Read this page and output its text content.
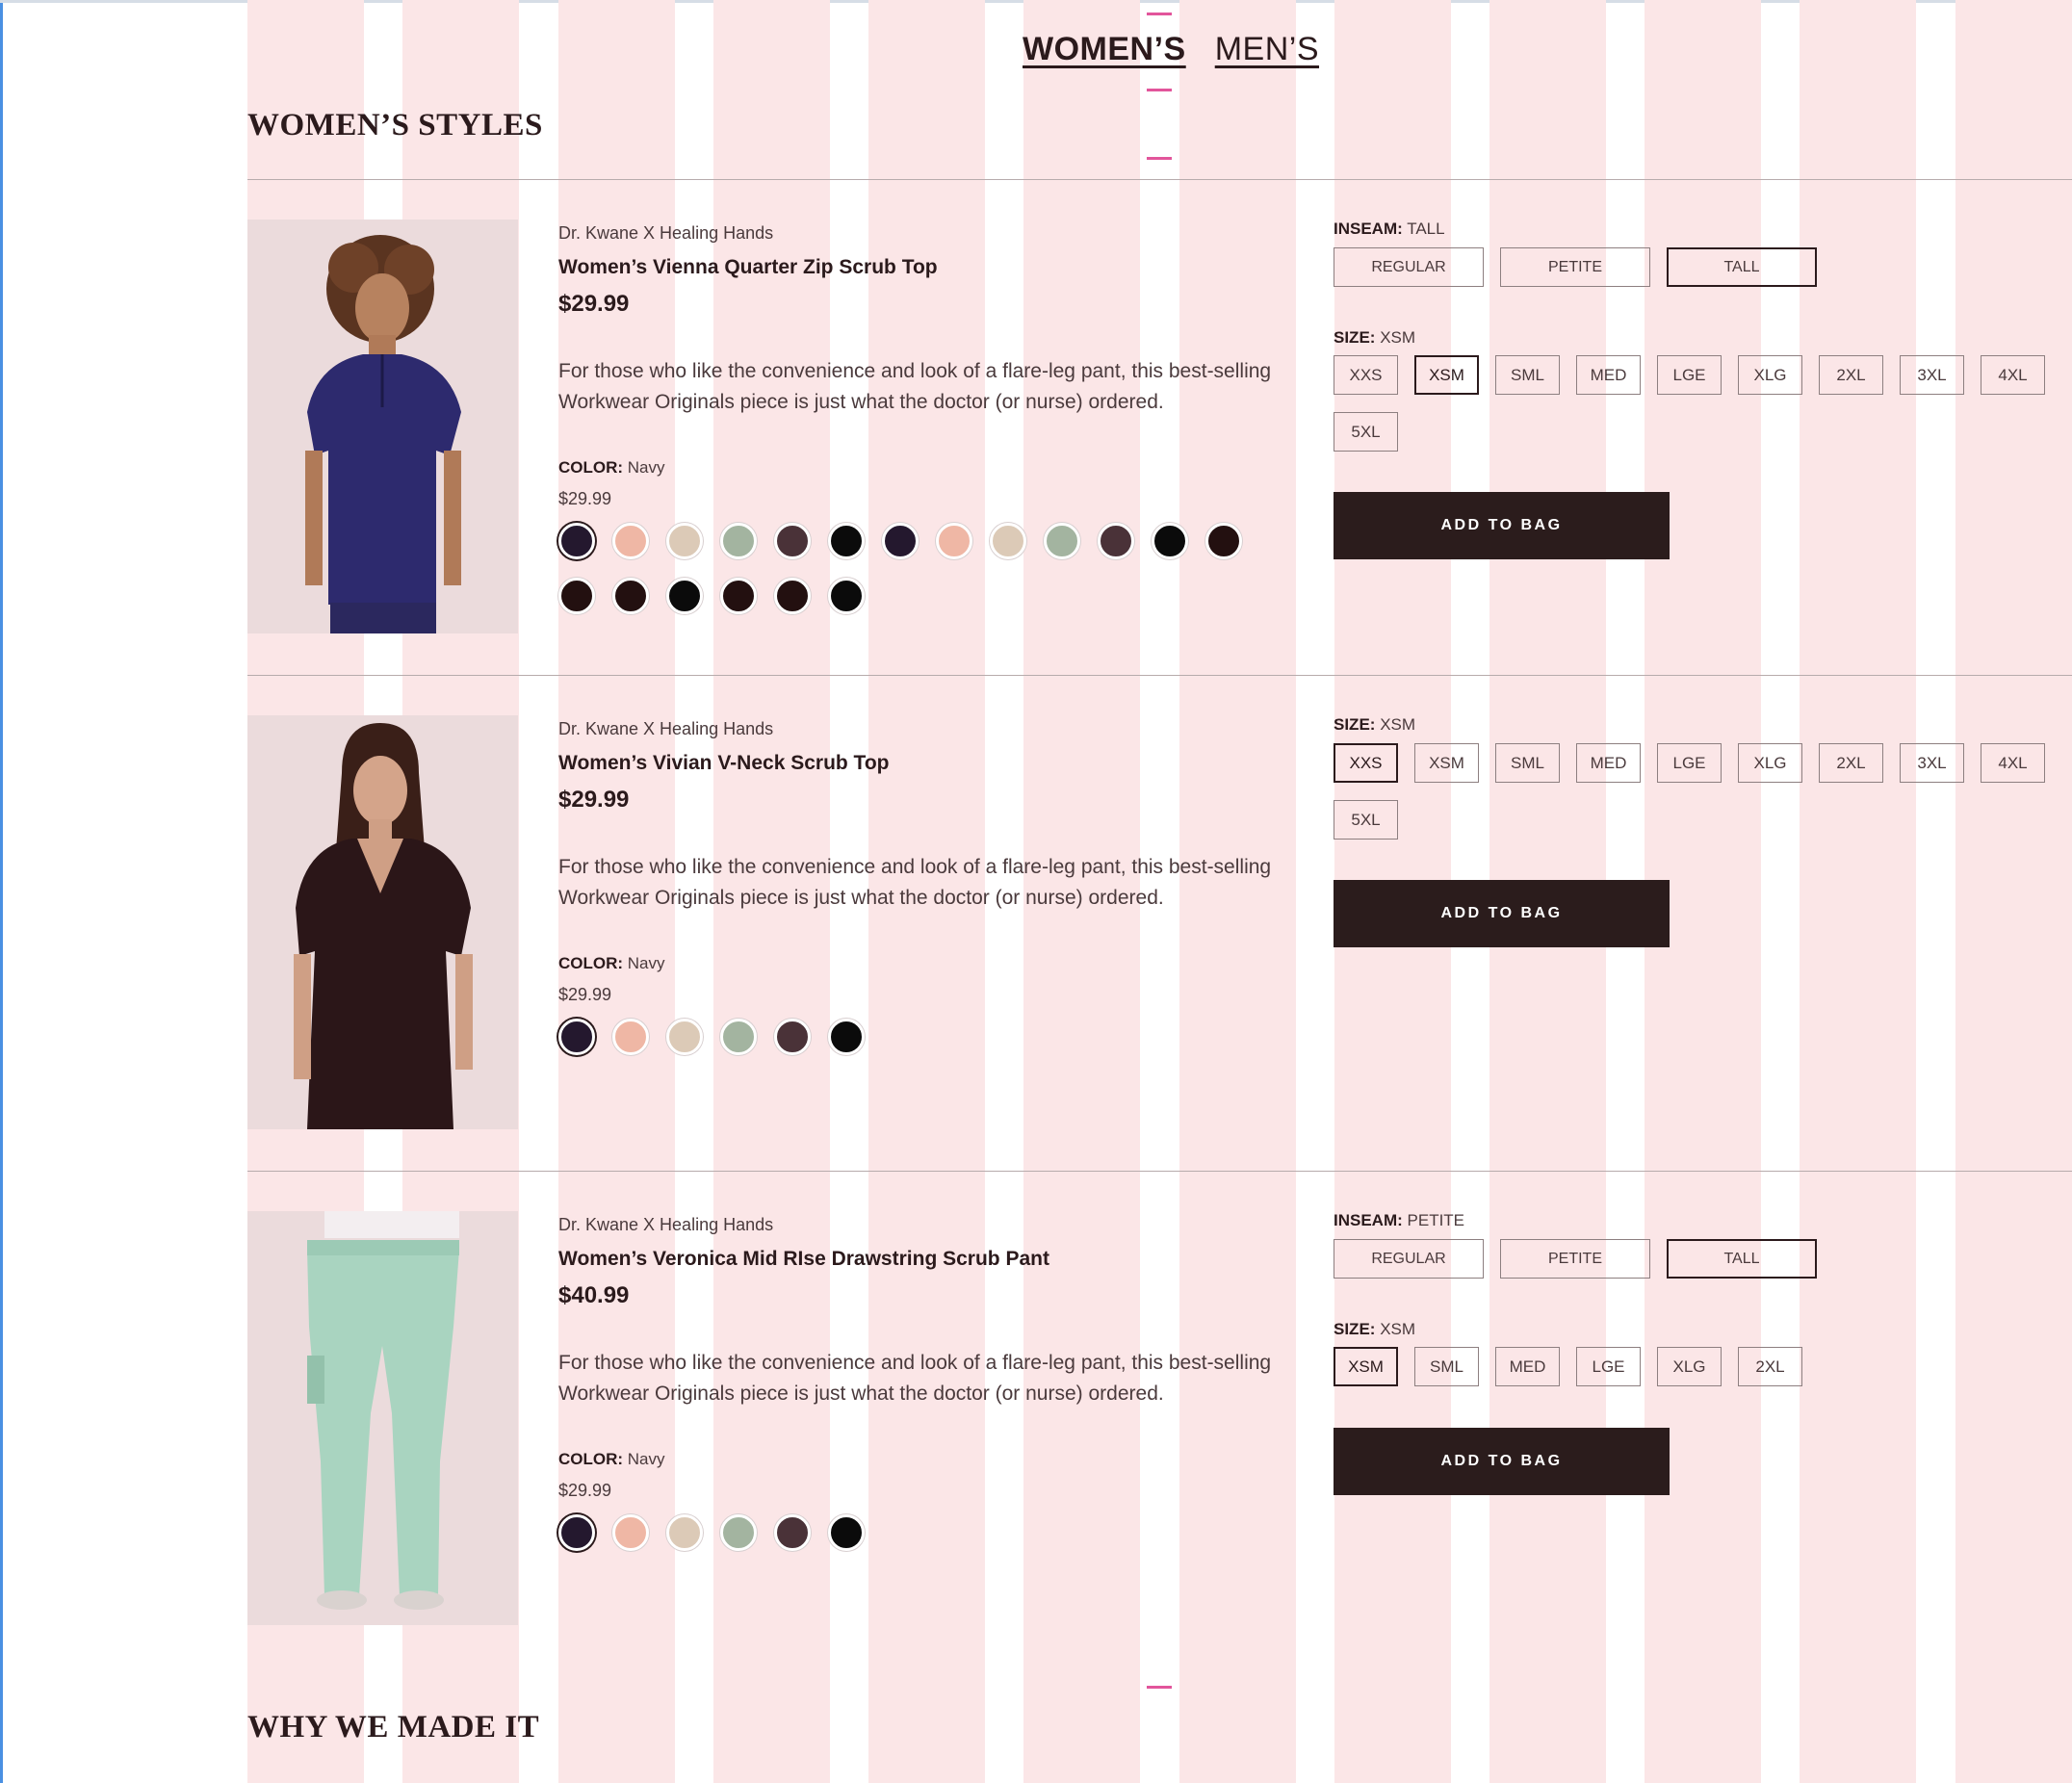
WOMEN’S MEN’S
WOMEN’S STYLES
Dr. Kwane X Healing Hands
Women’s Vienna Quarter Zip Scrub Top
$29.99
For those who like the convenience and look of a flare-leg pant, this best-selling Workwear Originals piece is just what the doctor (or nurse) ordered.
COLOR: Navy
$29.99
INSEAM: TALL
REGULAR	PETITE	TALL
SIZE: XSM
XXS	XSM	SML	MED	LGE	XLG	2XL	3XL	4XL
5XL
ADD TO BAG
Dr. Kwane X Healing Hands
Women’s Vivian V-Neck Scrub Top
$29.99
For those who like the convenience and look of a flare-leg pant, this best-selling Workwear Originals piece is just what the doctor (or nurse) ordered.
COLOR: Navy
$29.99
SIZE: XSM
XXS	XSM	SML	MED	LGE	XLG	2XL	3XL	4XL
5XL
ADD TO BAG
Dr. Kwane X Healing Hands
Women’s Veronica Mid RIse Drawstring Scrub Pant
$40.99
For those who like the convenience and look of a flare-leg pant, this best-selling Workwear Originals piece is just what the doctor (or nurse) ordered.
COLOR: Navy
$29.99
INSEAM: PETITE
REGULAR	PETITE	TALL
SIZE: XSM
XSM	SML	MED	LGE	XLG	2XL
ADD TO BAG
WHY WE MADE IT
